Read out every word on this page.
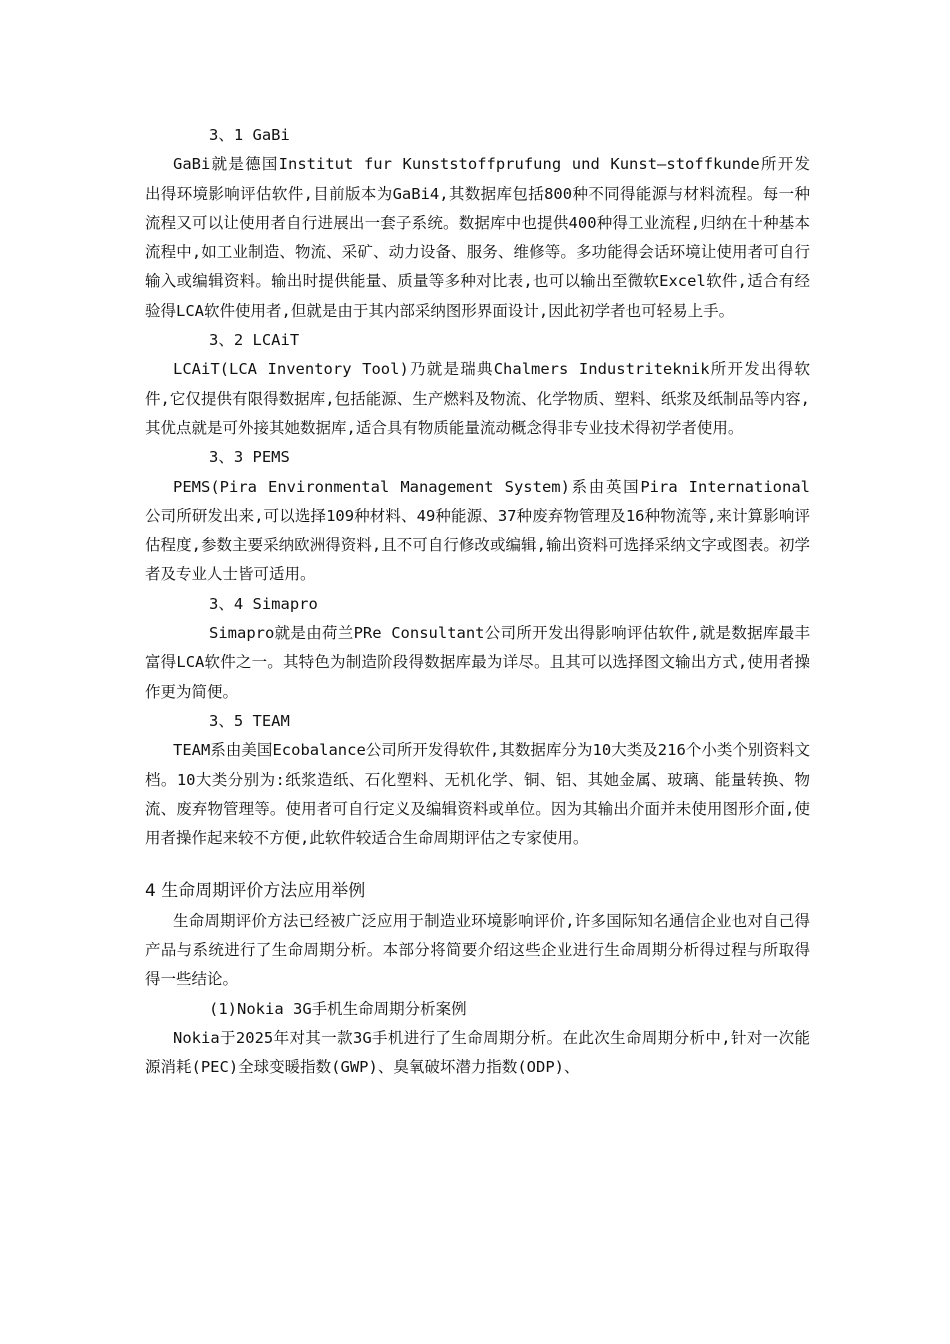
3、1 GaBi

GaBi就是德国Institut fur Kunststoffprufung und Kunst—stoffkunde所开发出得环境影响评估软件,目前版本为GaBi4,其数据库包括800种不同得能源与材料流程。每一种流程又可以让使用者自行进展出一套子系统。数据库中也提供400种得工业流程,归纳在十种基本流程中,如工业制造、物流、采矿、动力设备、服务、维修等。多功能得会话环境让使用者可自行输入或编辑资料。输出时提供能量、质量等多种对比表,也可以输出至微软Excel软件,适合有经验得LCA软件使用者,但就是由于其内部采纳图形界面设计,因此初学者也可轻易上手。

3、2 LCAiT

LCAiT(LCA Inventory Tool)乃就是瑞典Chalmers Industriteknik所开发出得软件,它仅提供有限得数据库,包括能源、生产燃料及物流、化学物质、塑料、纸浆及纸制品等内容,其优点就是可外接其她数据库,适合具有物质能量流动概念得非专业技术得初学者使用。

3、3 PEMS

PEMS(Pira Environmental Management System)系由英国Pira International公司所研发出来,可以选择109种材料、49种能源、37种废弃物管理及16种物流等,来计算影响评估程度,参数主要采纳欧洲得资料,且不可自行修改或编辑,输出资料可选择采纳文字或图表。初学者及专业人士皆可适用。

3、4 Simapro

Simapro就是由荷兰PRe Consultant公司所开发出得影响评估软件,就是数据库最丰富得LCA软件之一。其特色为制造阶段得数据库最为详尽。且其可以选择图文输出方式,使用者操作更为简便。

3、5 TEAM

TEAM系由美国Ecobalance公司所开发得软件,其数据库分为10大类及216个小类个别资料文档。10大类分别为:纸浆造纸、石化塑料、无机化学、铜、铝、其她金属、玻璃、能量转换、物流、废弃物管理等。使用者可自行定义及编辑资料或单位。因为其输出介面并未使用图形介面,使用者操作起来较不方便,此软件较适合生命周期评估之专家使用。

4 生命周期评价方法应用举例

生命周期评价方法已经被广泛应用于制造业环境影响评价,许多国际知名通信企业也对自己得产品与系统进行了生命周期分析。本部分将简要介绍这些企业进行生命周期分析得过程与所取得得一些结论。

(1)Nokia 3G手机生命周期分析案例

Nokia于2025年对其一款3G手机进行了生命周期分析。在此次生命周期分析中,针对一次能源消耗(PEC)全球变暖指数(GWP)、臭氧破坏潜力指数(ODP)、
